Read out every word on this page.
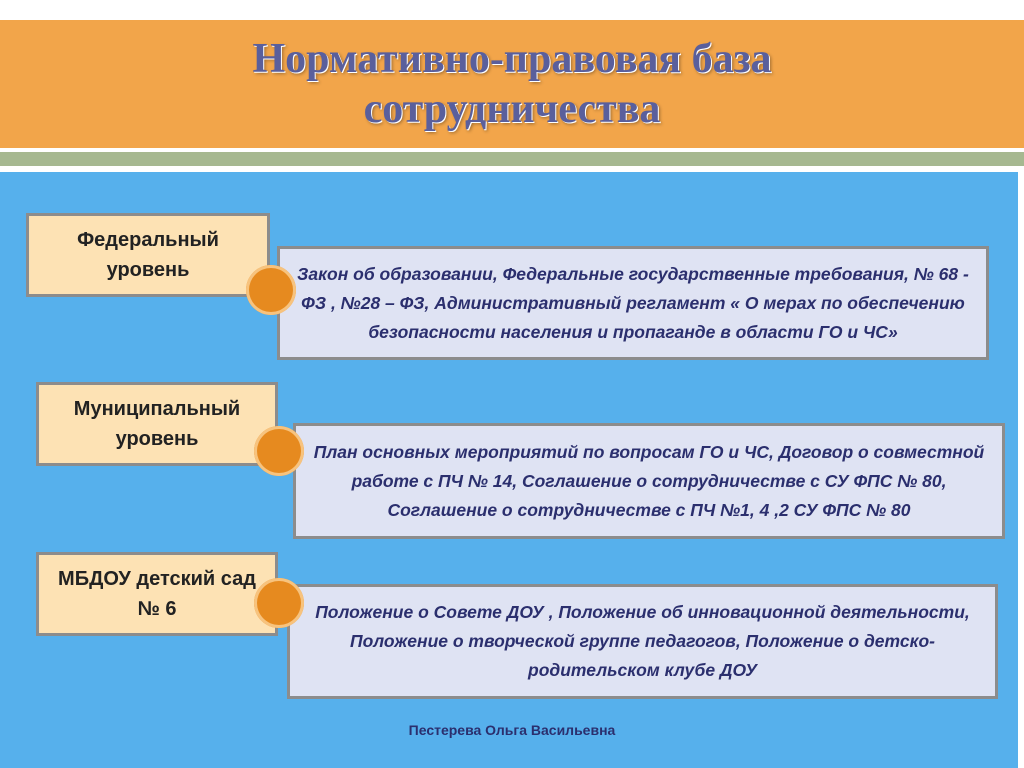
Нормативно-правовая база
сотрудничества
Федеральный уровень	Закон об образовании, Федеральные государственные требования, № 68 - ФЗ , №28 – ФЗ, Административный регламент « О мерах по обеспечению безопасности населения и пропаганде в области ГО и ЧС»
Муниципальный уровень
План основных мероприятий по вопросам ГО и ЧС, Договор о совместной работе с ПЧ № 14, Соглашение о сотрудничестве с СУ ФПС № 80, Соглашение о сотрудничестве с ПЧ №1, 4 ,2 СУ ФПС № 80
МБДОУ детский сад № 6	Положение о Совете ДОУ , Положение об инновационной деятельности, Положение о творческой группе педагогов, Положение о детско-родительском клубе ДОУ
Пестерева Ольга Васильевна
